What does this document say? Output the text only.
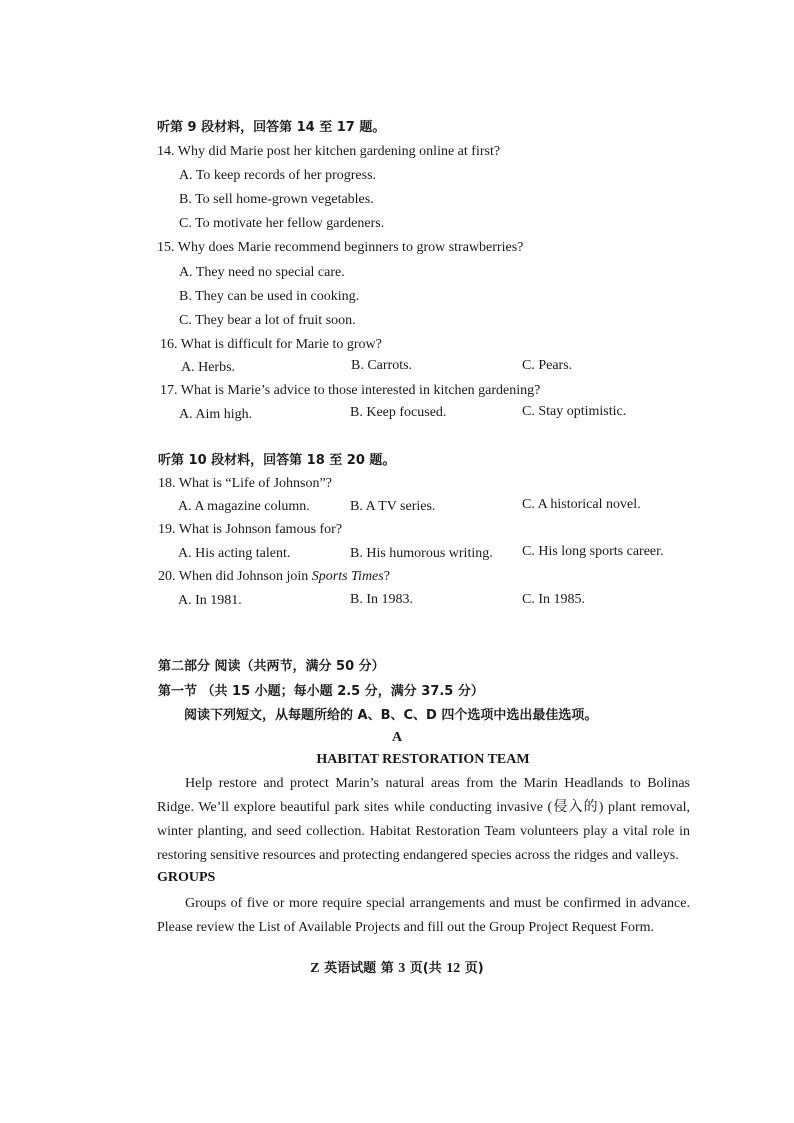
听第 9 段材料，回答第 14 至 17 题。
14. Why did Marie post her kitchen gardening online at first?
A. To keep records of her progress.
B. To sell home-grown vegetables.
C. To motivate her fellow gardeners.
15. Why does Marie recommend beginners to grow strawberries?
A. They need no special care.
B. They can be used in cooking.
C. They bear a lot of fruit soon.
16. What is difficult for Marie to grow?
A. Herbs.	B. Carrots.	C. Pears.
17. What is Marie’s advice to those interested in kitchen gardening?
A. Aim high.	B. Keep focused.	C. Stay optimistic.
听第 10 段材料，回答第 18 至 20 题。
18. What is “Life of Johnson”?
A. A magazine column.	B. A TV series.	C. A historical novel.
19. What is Johnson famous for?
A. His acting talent.	B. His humorous writing. C. His long sports career.
20. When did Johnson join Sports Times?
A. In 1981.	B. In 1983.	C. In 1985.
第二部分 阅读（共两节，满分 50 分）
第一节 （共 15 小题；每小题 2.5 分，满分 37.5 分）
阅读下列短文，从每题所给的 A、B、C、D 四个选项中选出最佳选项。
A
HABITAT RESTORATION TEAM

Help restore and protect Marin’s natural areas from the Marin Headlands to Bolinas Ridge. We’ll explore beautiful park sites while conducting invasive (侵入的) plant removal, winter planting, and seed collection. Habitat Restoration Team volunteers play a vital role in restoring sensitive resources and protecting endangered species across the ridges and valleys.

GROUPS

Groups of five or more require special arrangements and must be confirmed in advance. Please review the List of Available Projects and fill out the Group Project Request Form.

Z 英语试题 第 3 页(共 12 页)
